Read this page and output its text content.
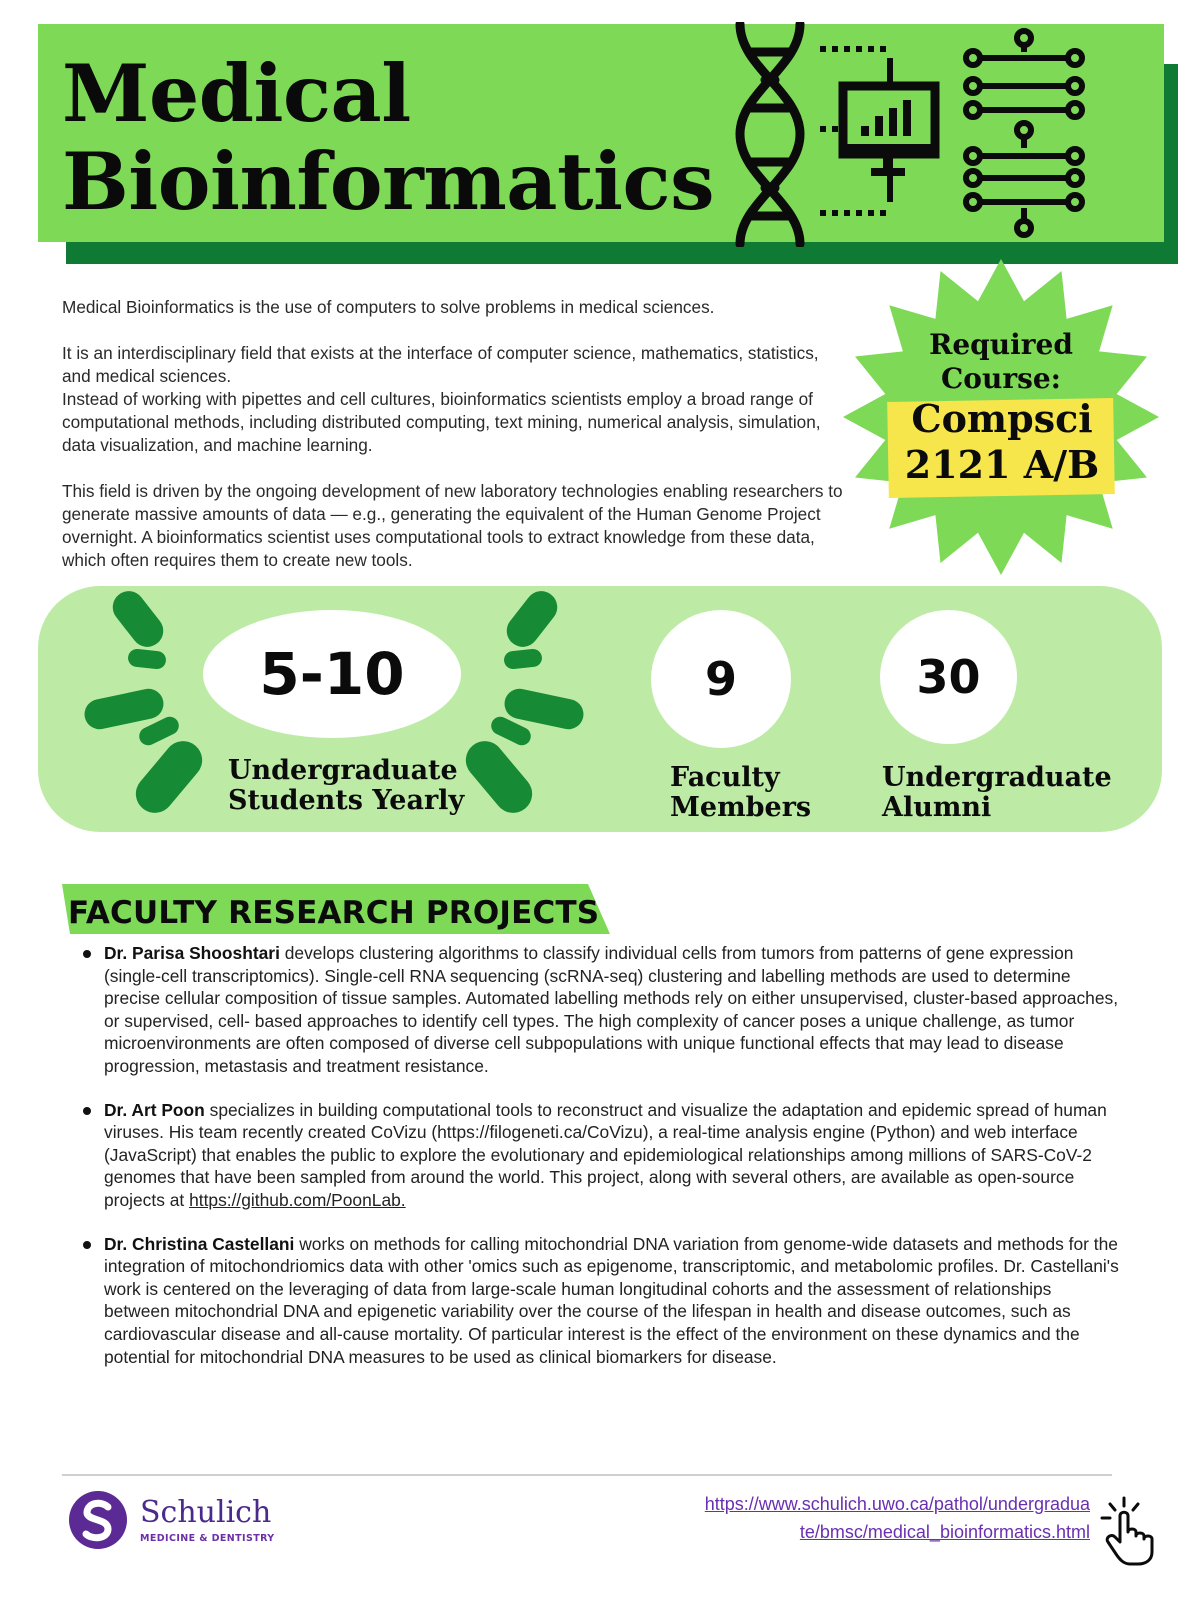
Medical
Bioinformatics

Medical Bioinformatics is the use of computers to solve problems in medical sciences.

It is an interdisciplinary field that exists at the interface of computer science, mathematics, statistics, and medical sciences.

Instead of working with pipettes and cell cultures, bioinformatics scientists employ a broad range of computational methods, including distributed computing, text mining, numerical analysis, simulation, data visualization, and machine learning.

This field is driven by the ongoing development of new laboratory technologies enabling researchers to generate massive amounts of data — e.g., generating the equivalent of the Human Genome Project overnight. A bioinformatics scientist uses computational tools to extract knowledge from these data, which often requires them to create new tools.

Required
Course:
Compsci
2121 A/B
5-10	9	30
Undergraduate
Students Yearly
Faculty
Members
Undergraduate
Alumni
FACULTY RESEARCH PROJECTS
Dr. Parisa Shooshtari develops clustering algorithms to classify individual cells from tumors from patterns of gene expression (single-cell transcriptomics). Single-cell RNA sequencing (scRNA-seq) clustering and labelling methods are used to determine precise cellular composition of tissue samples. Automated labelling methods rely on either unsupervised, cluster-based approaches, or supervised, cell- based approaches to identify cell types. The high complexity of cancer poses a unique challenge, as tumor microenvironments are often composed of diverse cell subpopulations with unique functional effects that may lead to disease progression, metastasis and treatment resistance.
Dr. Art Poon specializes in building computational tools to reconstruct and visualize the adaptation and epidemic spread of human viruses. His team recently created CoVizu (https://filogeneti.ca/CoVizu), a real-time analysis engine (Python) and web interface (JavaScript) that enables the public to explore the evolutionary and epidemiological relationships among millions of SARS-CoV-2 genomes that have been sampled from around the world. This project, along with several others, are available as open-source projects at https://github.com/PoonLab.
Dr. Christina Castellani works on methods for calling mitochondrial DNA variation from genome-wide datasets and methods for the integration of mitochondriomics data with other 'omics such as epigenome, transcriptomic, and metabolomic profiles. Dr. Castellani's work is centered on the leveraging of data from large-scale human longitudinal cohorts and the assessment of relationships between mitochondrial DNA and epigenetic variability over the course of the lifespan in health and disease outcomes, such as cardiovascular disease and all-cause mortality. Of particular interest is the effect of the environment on these dynamics and the potential for mitochondrial DNA measures to be used as clinical biomarkers for disease.
Schulich
MEDICINE & DENTISTRY
https://www.schulich.uwo.ca/pathol/undergradua
te/bmsc/medical_bioinformatics.html
